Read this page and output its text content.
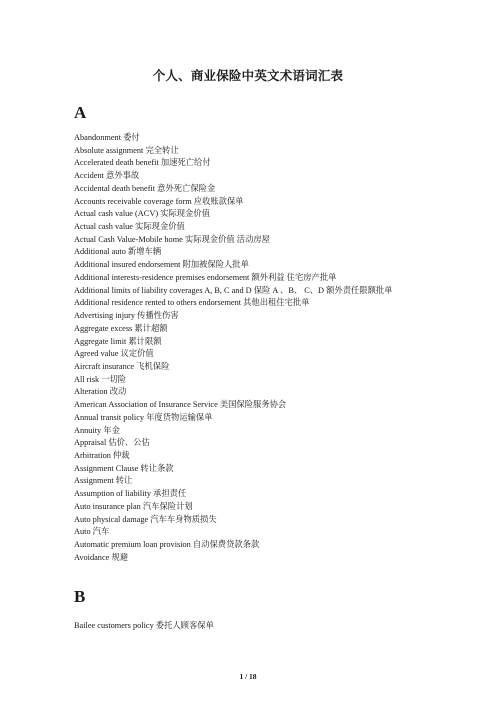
个人、商业保险中英文术语词汇表
A
Abandonment 委付
Absolute assignment 完全转让
Accelerated death benefit 加速死亡给付
Accident 意外事故
Accidental death benefit 意外死亡保险金
Accounts receivable coverage form 应收账款保单
Actual cash value (ACV) 实际现金价值
Actual cash value 实际现金价值
Actual Cash Value-Mobile home 实际现金价值 活动房屋
Additional auto 新增车辆
Additional insured endorsement 附加被保险人批单
Additional interests-residence premises endorsement 额外利益 住宅房产批单
Additional limits of liability coverages A, B, C and D 保险 A 、B、 C、D 额外责任限额批单
Additional residence rented to others endorsement 其他出租住宅批单
Advertising injury 传播性伤害
Aggregate excess 累计超额
Aggregate limit 累计限额
Agreed value 议定价值
Aircraft insurance 飞机保险
All risk 一切险
Alteration 改动
American Association of Insurance Service 美国保险服务协会
Annual transit policy 年度货物运输保单
Annuity 年金
Appraisal 估价、公估
Arbitration 仲裁
Assignment Clause 转让条款
Assignment 转让
Assumption of liability 承担责任
Auto insurance plan 汽车保险计划
Auto physical damage 汽车车身物质损失
Auto 汽车
Automatic premium loan provision 自动保费贷款条款
Avoidance 规避
B
Bailee customers policy 委托人顾客保单
1 / 18
